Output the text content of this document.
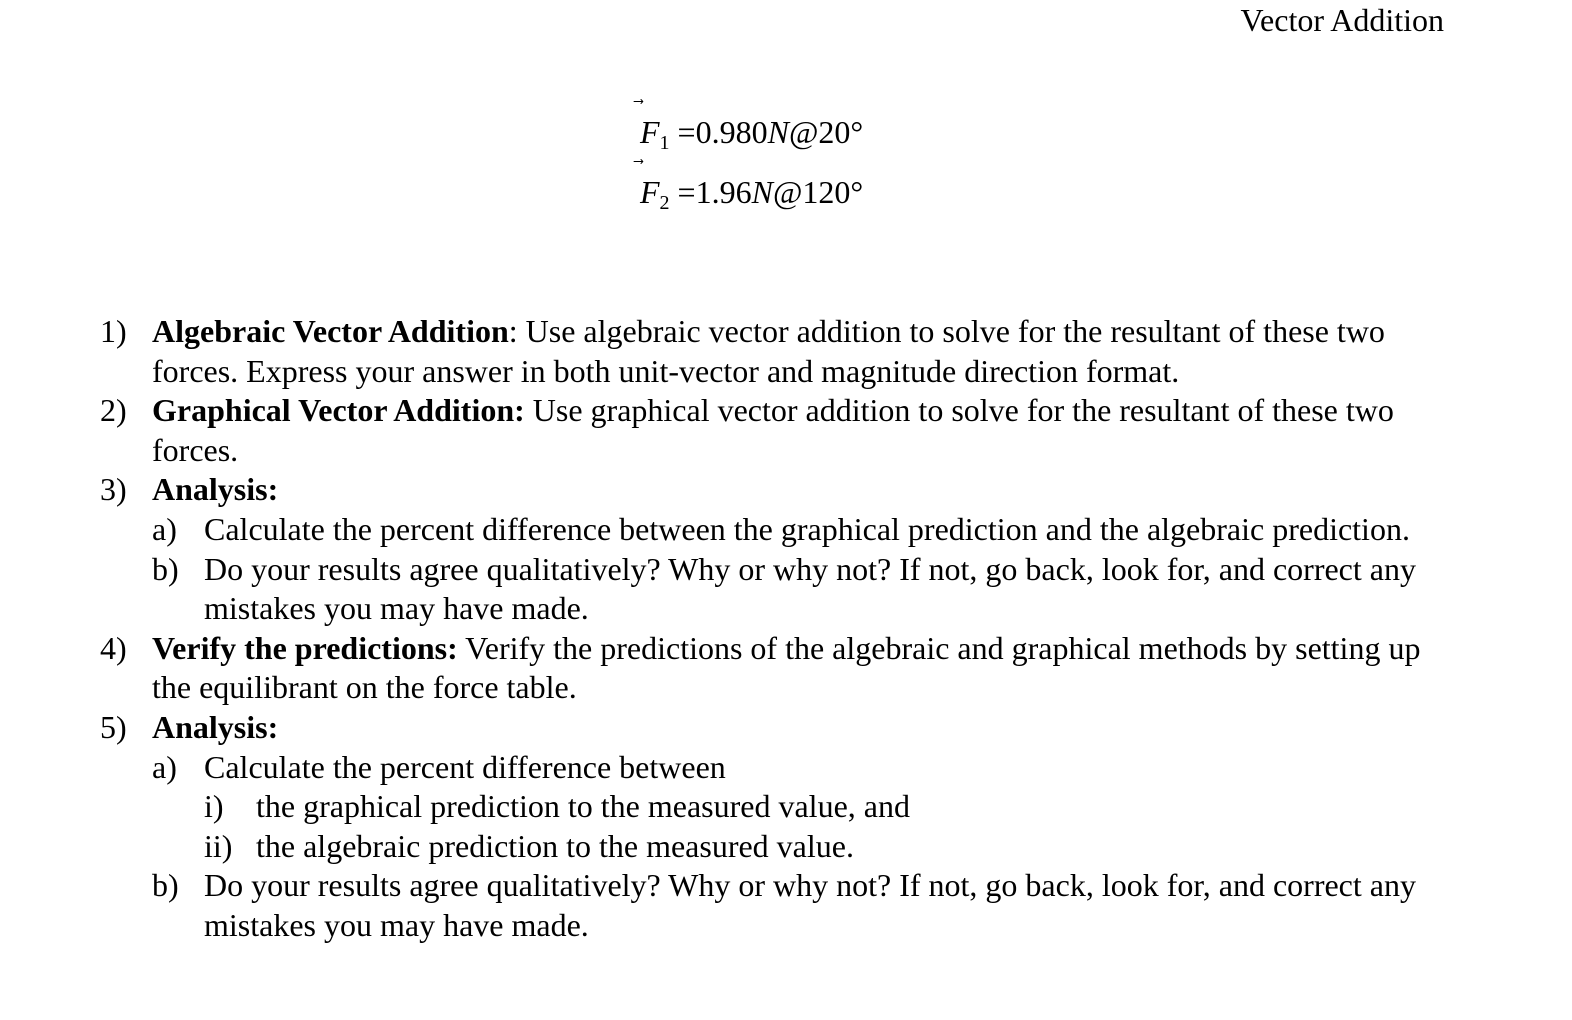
Vector Addition
$F_1$ =0.980N@20°
$F_2$ =1.96N@120°
1) Algebraic Vector Addition: Use algebraic vector addition to solve for the resultant of these two forces. Express your answer in both unit-vector and magnitude direction format.
2) Graphical Vector Addition: Use graphical vector addition to solve for the resultant of these two forces.
3) Analysis:
a) Calculate the percent difference between the graphical prediction and the algebraic prediction.
b) Do your results agree qualitatively? Why or why not? If not, go back, look for, and correct any mistakes you may have made.
4) Verify the predictions: Verify the predictions of the algebraic and graphical methods by setting up the equilibrant on the force table.
5) Analysis:
a) Calculate the percent difference between
i) the graphical prediction to the measured value, and
ii) the algebraic prediction to the measured value.
b) Do your results agree qualitatively? Why or why not? If not, go back, look for, and correct any mistakes you may have made.
